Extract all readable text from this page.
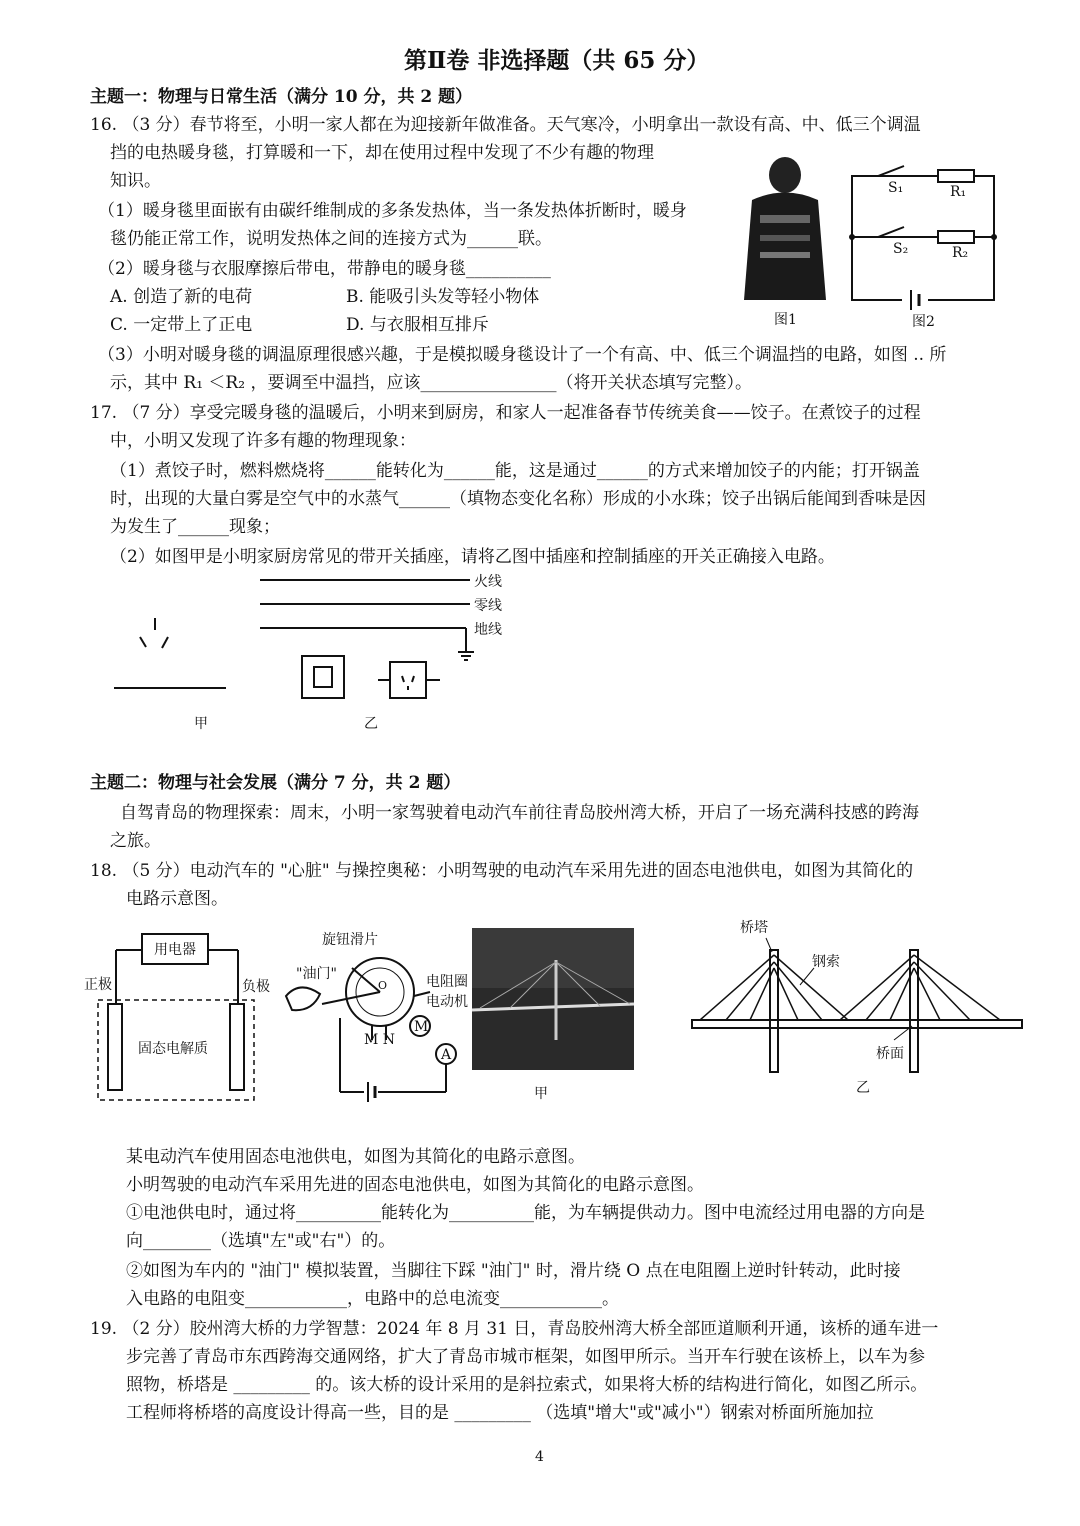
第Ⅱ卷 非选择题（共 65 分）
主题一：物理与日常生活（满分 10 分，共 2 题）
16. （3 分）春节将至，小明一家人都在为迎接新年做准备。天气寒冷，小明拿出一款设有高、中、低三个调温
挡的电热暖身毯，打算暖和一下，却在使用过程中发现了不少有趣的物理
知识。
（1）暖身毯里面嵌有由碳纤维制成的多条发热体，当一条发热体折断时，暖身
毯仍能正常工作，说明发热体之间的连接方式为______联。
（2）暖身毯与衣服摩擦后带电，带静电的暖身毯__________
A. 创造了新的电荷	B. 能吸引头发等轻小物体
C. 一定带上了正电	D. 与衣服相互排斥
（3）小明对暖身毯的调温原理很感兴趣，于是模拟暖身毯设计了一个有高、中、低三个调温挡的电路，如图 .. 所
示，其中 R₁ ＜R₂ ，要调至中温挡，应该________________（将开关状态填写完整）。
17. （7 分）享受完暖身毯的温暖后，小明来到厨房，和家人一起准备春节传统美食——饺子。在煮饺子的过程
中，小明又发现了许多有趣的物理现象：
（1）煮饺子时，燃料燃烧将______能转化为______能，这是通过______的方式来增加饺子的内能；打开锅盖
时，出现的大量白雾是空气中的水蒸气______（填物态变化名称）形成的小水珠；饺子出锅后能闻到香味是因
为发生了______现象；
（2）如图甲是小明家厨房常见的带开关插座，请将乙图中插座和控制插座的开关正确接入电路。
主题二：物理与社会发展（满分 7 分，共 2 题）
自驾青岛的物理探索：周末，小明一家驾驶着电动汽车前往青岛胶州湾大桥，开启了一场充满科技感的跨海
之旅。
18. （5 分）电动汽车的 "心脏" 与操控奥秘：小明驾驶的电动汽车采用先进的固态电池供电，如图为其简化的
电路示意图。
某电动汽车使用固态电池供电，如图为其简化的电路示意图。
小明驾驶的电动汽车采用先进的固态电池供电，如图为其简化的电路示意图。
①电池供电时，通过将__________能转化为__________能，为车辆提供动力。图中电流经过用电器的方向是
向________（选填"左"或"右"）的。
②如图为车内的 "油门" 模拟装置，当脚往下踩 "油门" 时，滑片绕 O 点在电阻圈上逆时针转动，此时接
入电路的电阻变____________，电路中的总电流变____________。
19. （2 分）胶州湾大桥的力学智慧：2024 年 8 月 31 日，青岛胶州湾大桥全部匝道顺利开通，该桥的通车进一
步完善了青岛市东西跨海交通网络，扩大了青岛市城市框架，如图甲所示。当开车行驶在该桥上，以车为参
照物，桥塔是 _________ 的。该大桥的设计采用的是斜拉索式，如果将大桥的结构进行简化，如图乙所示。
工程师将桥塔的高度设计得高一些，目的是 _________ （选填"增大"或"减小"）钢索对桥面所施加拉
4
S₁	R₁
S₂	R₂
图1	图2
火线
零线
地线
甲	乙
用电器
正极	负极
固态电解质
旋钮滑片
"油门"	电阻圈
电动机
M N
M
A
O
甲
桥塔
钢索
桥面
乙
